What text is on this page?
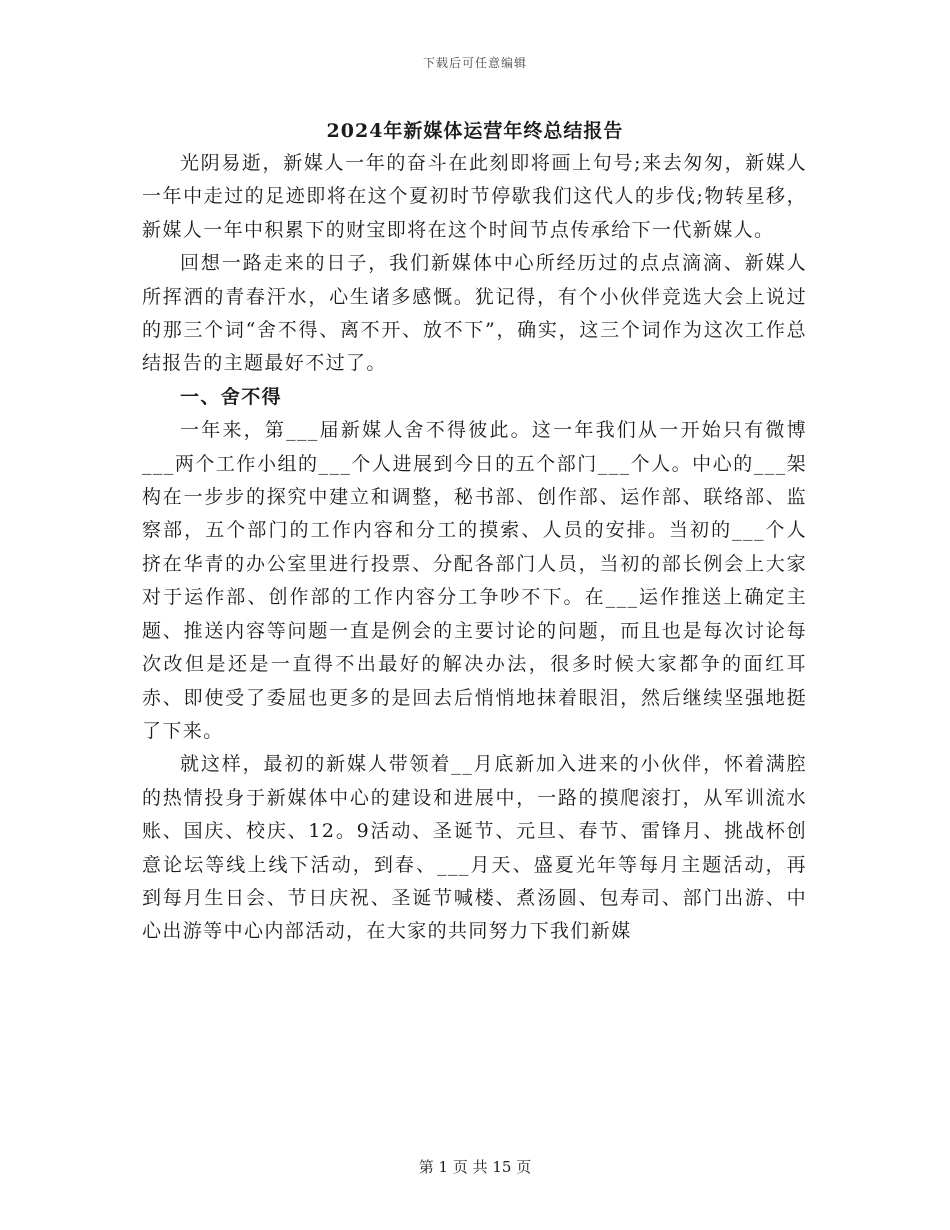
下载后可任意编辑
2024年新媒体运营年终总结报告

光阴易逝，新媒人一年的奋斗在此刻即将画上句号;来去匆匆，新媒人一年中走过的足迹即将在这个夏初时节停歇我们这代人的步伐;物转星移，新媒人一年中积累下的财宝即将在这个时间节点传承给下一代新媒人。

回想一路走来的日子，我们新媒体中心所经历过的点点滴滴、新媒人所挥洒的青春汗水，心生诸多感慨。犹记得，有个小伙伴竞选大会上说过的那三个词“舍不得、离不开、放不下”，确实，这三个词作为这次工作总结报告的主题最好不过了。

一、舍不得

一年来，第___届新媒人舍不得彼此。这一年我们从一开始只有微博___两个工作小组的___个人进展到今日的五个部门___个人。中心的___架构在一步步的探究中建立和调整，秘书部、创作部、运作部、联络部、监察部，五个部门的工作内容和分工的摸索、人员的安排。当初的___个人挤在华青的办公室里进行投票、分配各部门人员，当初的部长例会上大家对于运作部、创作部的工作内容分工争吵不下。在___运作推送上确定主题、推送内容等问题一直是例会的主要讨论的问题，而且也是每次讨论每次改但是还是一直得不出最好的解决办法，很多时候大家都争的面红耳赤、即使受了委屈也更多的是回去后悄悄地抹着眼泪，然后继续坚强地挺了下来。

就这样，最初的新媒人带领着__月底新加入进来的小伙伴，怀着满腔的热情投身于新媒体中心的建设和进展中，一路的摸爬滚打，从军训流水账、国庆、校庆、12。9活动、圣诞节、元旦、春节、雷锋月、挑战杯创意论坛等线上线下活动，到春、___月天、盛夏光年等每月主题活动，再到每月生日会、节日庆祝、圣诞节喊楼、煮汤圆、包寿司、部门出游、中心出游等中心内部活动，在大家的共同努力下我们新媒

第 1 页 共 15 页
